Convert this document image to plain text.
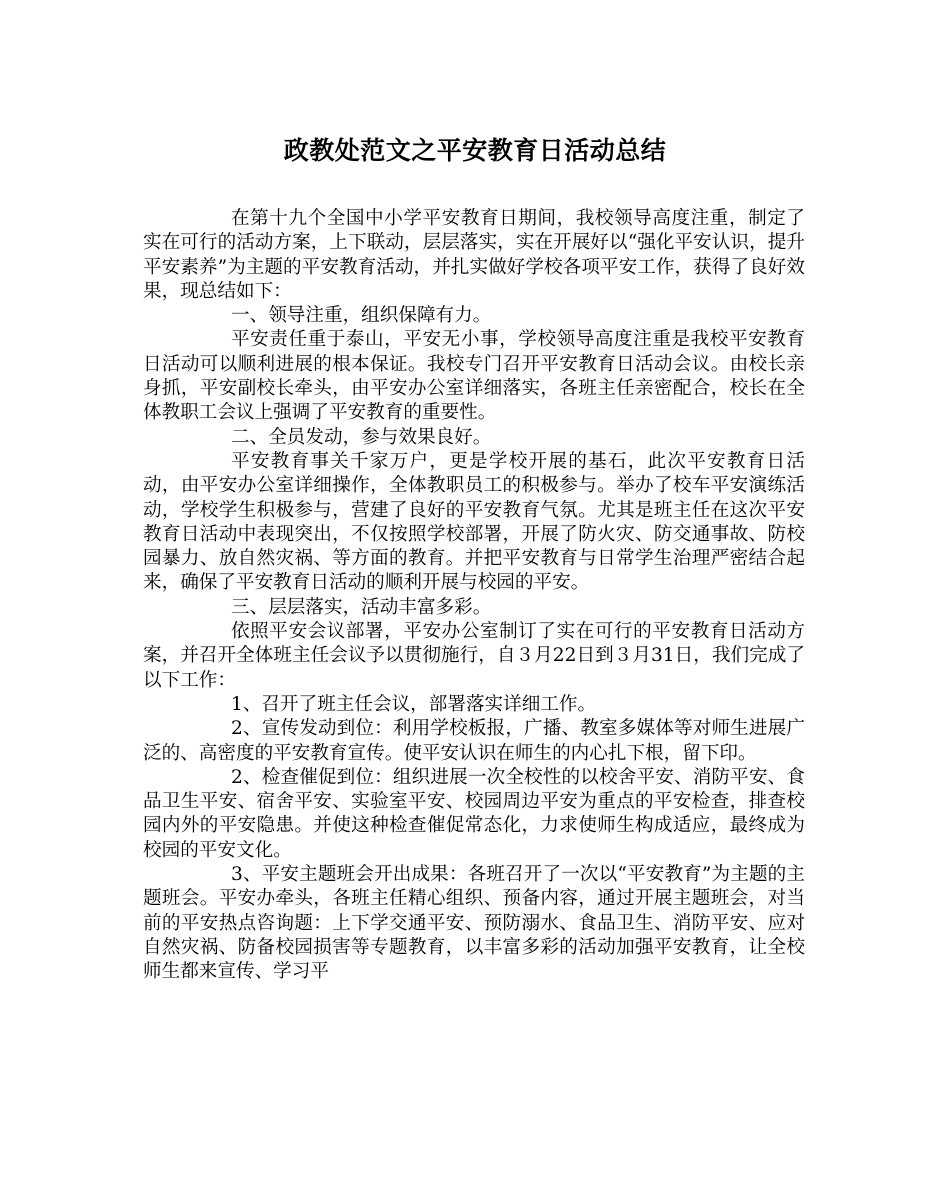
政教处范文之平安教育日活动总结

在第十九个全国中小学平安教育日期间，我校领导高度注重，制定了实在可行的活动方案，上下联动，层层落实，实在开展好以“强化平安认识，提升平安素养”为主题的平安教育活动，并扎实做好学校各项平安工作，获得了良好效果，现总结如下：

一、领导注重，组织保障有力。

平安责任重于泰山，平安无小事，学校领导高度注重是我校平安教育日活动可以顺利进展的根本保证。我校专门召开平安教育日活动会议。由校长亲身抓，平安副校长牵头，由平安办公室详细落实，各班主任亲密配合，校长在全体教职工会议上强调了平安教育的重要性。

二、全员发动，参与效果良好。

平安教育事关千家万户，更是学校开展的基石，此次平安教育日活动，由平安办公室详细操作，全体教职员工的积极参与。举办了校车平安演练活动，学校学生积极参与，营建了良好的平安教育气氛。尤其是班主任在这次平安教育日活动中表现突出，不仅按照学校部署，开展了防火灾、防交通事故、防校园暴力、放自然灾祸、等方面的教育。并把平安教育与日常学生治理严密结合起来，确保了平安教育日活动的顺利开展与校园的平安。

三、层层落实，活动丰富多彩。

依照平安会议部署，平安办公室制订了实在可行的平安教育日活动方案，并召开全体班主任会议予以贯彻施行，自３月22日到３月31日，我们完成了以下工作：

1、召开了班主任会议，部署落实详细工作。

2、宣传发动到位：利用学校板报，广播、教室多媒体等对师生进展广泛的、高密度的平安教育宣传。使平安认识在师生的内心扎下根，留下印。

2、检查催促到位：组织进展一次全校性的以校舍平安、消防平安、食品卫生平安、宿舍平安、实验室平安、校园周边平安为重点的平安检查，排查校园内外的平安隐患。并使这种检查催促常态化，力求使师生构成适应，最终成为校园的平安文化。

3、平安主题班会开出成果：各班召开了一次以“平安教育”为主题的主题班会。平安办牵头，各班主任精心组织、预备内容，通过开展主题班会，对当前的平安热点咨询题：上下学交通平安、预防溺水、食品卫生、消防平安、应对自然灾祸、防备校园损害等专题教育，以丰富多彩的活动加强平安教育，让全校师生都来宣传、学习平
